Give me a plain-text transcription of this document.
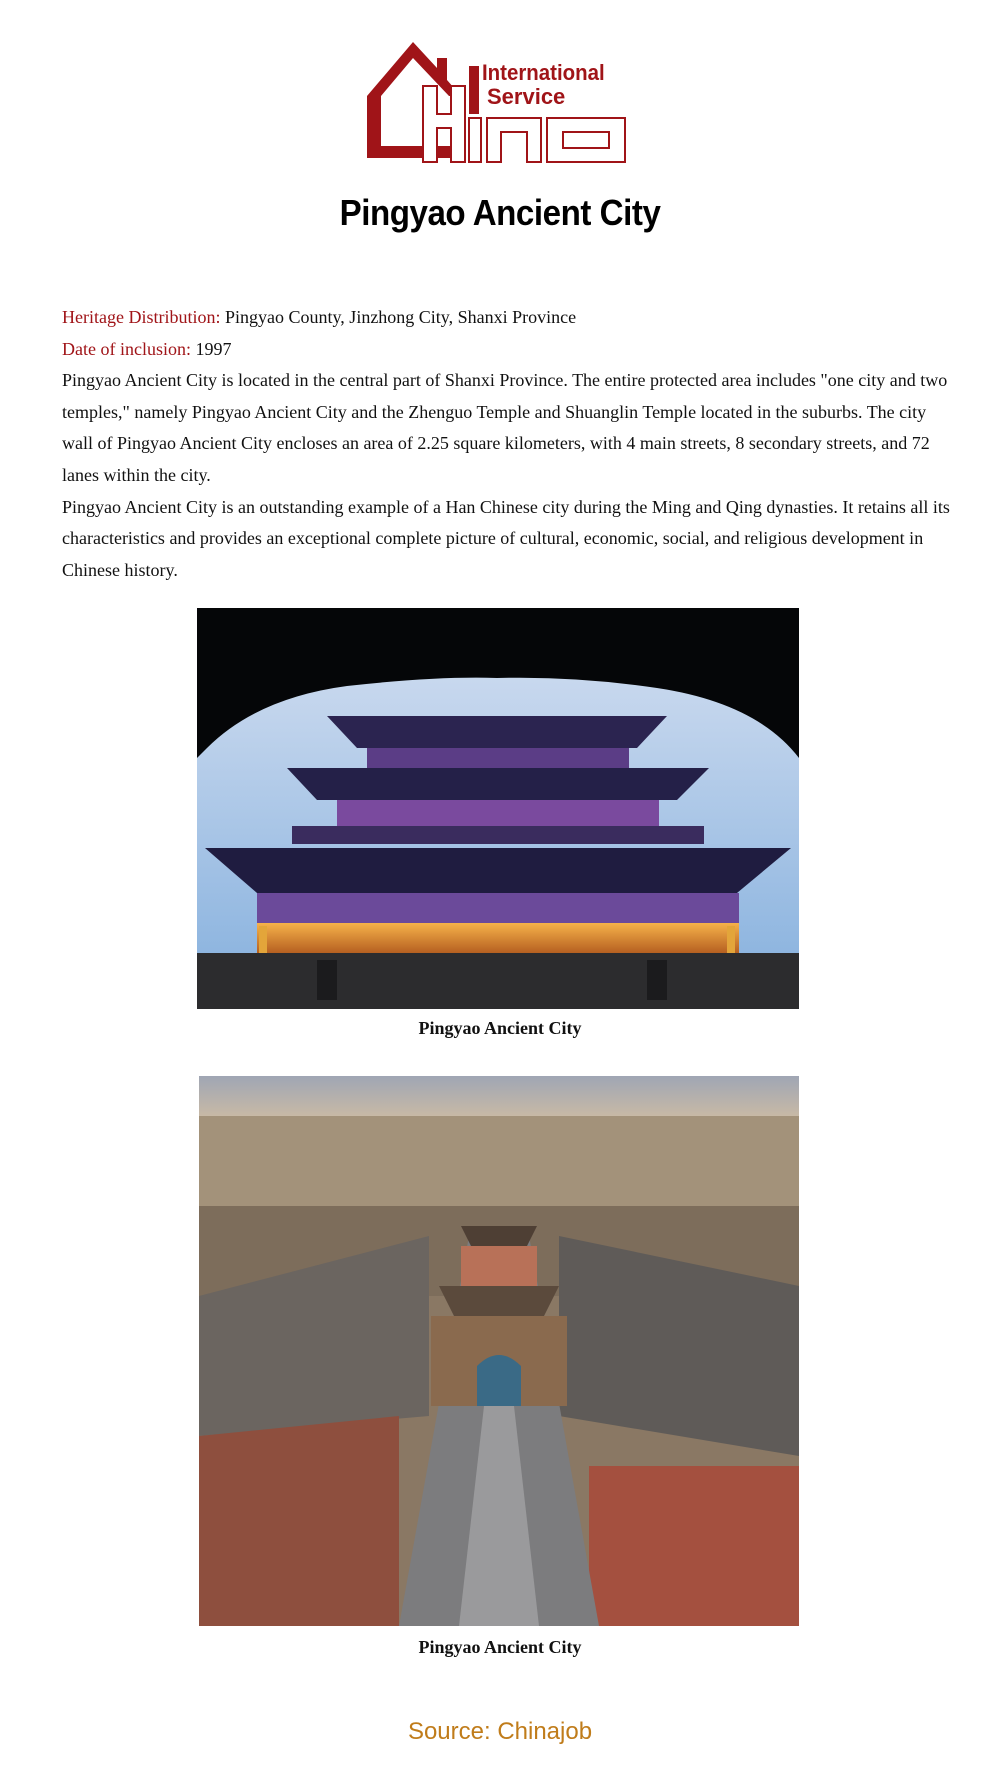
International
Service
Pingyao Ancient City

Heritage Distribution: Pingyao County, Jinzhong City, Shanxi Province

Date of inclusion: 1997

Pingyao Ancient City is located in the central part of Shanxi Province. The entire protected area includes "one city and two temples," namely Pingyao Ancient City and the Zhenguo Temple and Shuanglin Temple located in the suburbs. The city wall of Pingyao Ancient City encloses an area of 2.25 square kilometers, with 4 main streets, 8 secondary streets, and 72 lanes within the city.

Pingyao Ancient City is an outstanding example of a Han Chinese city during the Ming and Qing dynasties. It retains all its characteristics and provides an exceptional complete picture of cultural, economic, social, and religious development in Chinese history.

Pingyao Ancient City
Pingyao Ancient City
Source: Chinajob
